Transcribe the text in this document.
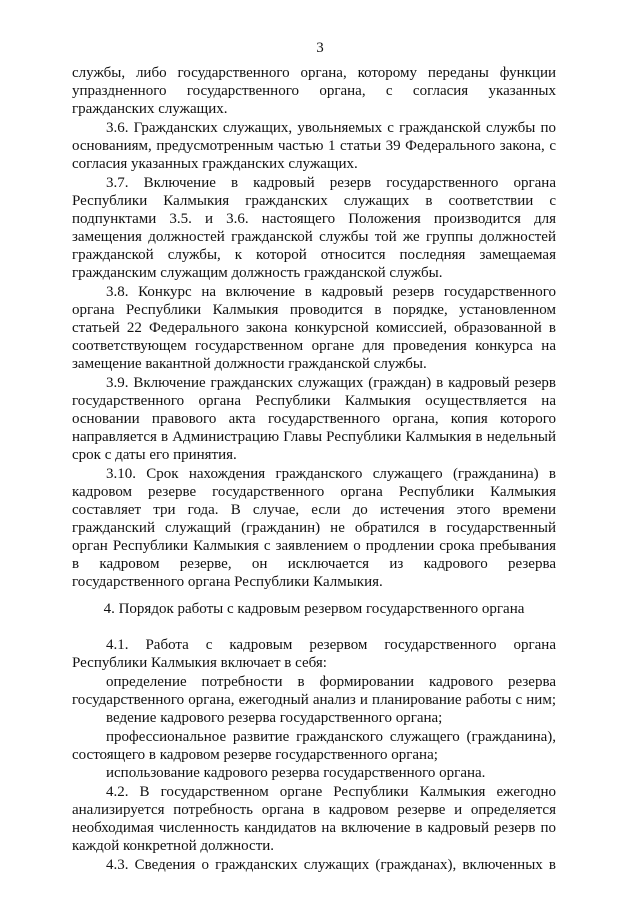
3
службы, либо государственного органа, которому переданы функции
упраздненного государственного органа, с согласия указанных
гражданских служащих.
3.6. Гражданских служащих, увольняемых с гражданской службы по
основаниям, предусмотренным частью 1 статьи 39 Федерального закона, с
согласия указанных гражданских служащих.
3.7. Включение в кадровый резерв государственного органа
Республики Калмыкия гражданских служащих в соответствии с
подпунктами 3.5. и 3.6. настоящего Положения производится для
замещения должностей гражданской службы той же группы должностей
гражданской службы, к которой относится последняя замещаемая
гражданским служащим должность гражданской службы.
3.8. Конкурс на включение в кадровый резерв государственного
органа Республики Калмыкия проводится в порядке, установленном
статьей 22 Федерального закона конкурсной комиссией, образованной в
соответствующем государственном органе для проведения конкурса на
замещение вакантной должности гражданской службы.
3.9. Включение гражданских служащих (граждан) в кадровый резерв
государственного органа Республики Калмыкия осуществляется на
основании правового акта государственного органа, копия которого
направляется в Администрацию Главы Республики Калмыкия в недельный
срок с даты его принятия.
3.10. Срок нахождения гражданского служащего (гражданина) в
кадровом резерве государственного органа Республики Калмыкия
составляет три года. В случае, если до истечения этого времени
гражданский служащий (гражданин) не обратился в государственный
орган Республики Калмыкия с заявлением о продлении срока пребывания
в кадровом резерве, он исключается из кадрового резерва
государственного органа Республики Калмыкия.
4.1. Работа с кадровым резервом государственного органа
Республики Калмыкия включает в себя:
определение потребности в формировании кадрового резерва
государственного органа, ежегодный анализ и планирование работы с ним;
ведение кадрового резерва государственного органа;
профессиональное развитие гражданского служащего (гражданина),
состоящего в кадровом резерве государственного органа;
использование кадрового резерва государственного органа.
4.2. В государственном органе Республики Калмыкия ежегодно
анализируется потребность органа в кадровом резерве и определяется
необходимая численность кандидатов на включение в кадровый резерв по
каждой конкретной должности.
4.3. Сведения о гражданских служащих (гражданах), включенных в
4. Порядок работы с кадровым резервом государственного органа
